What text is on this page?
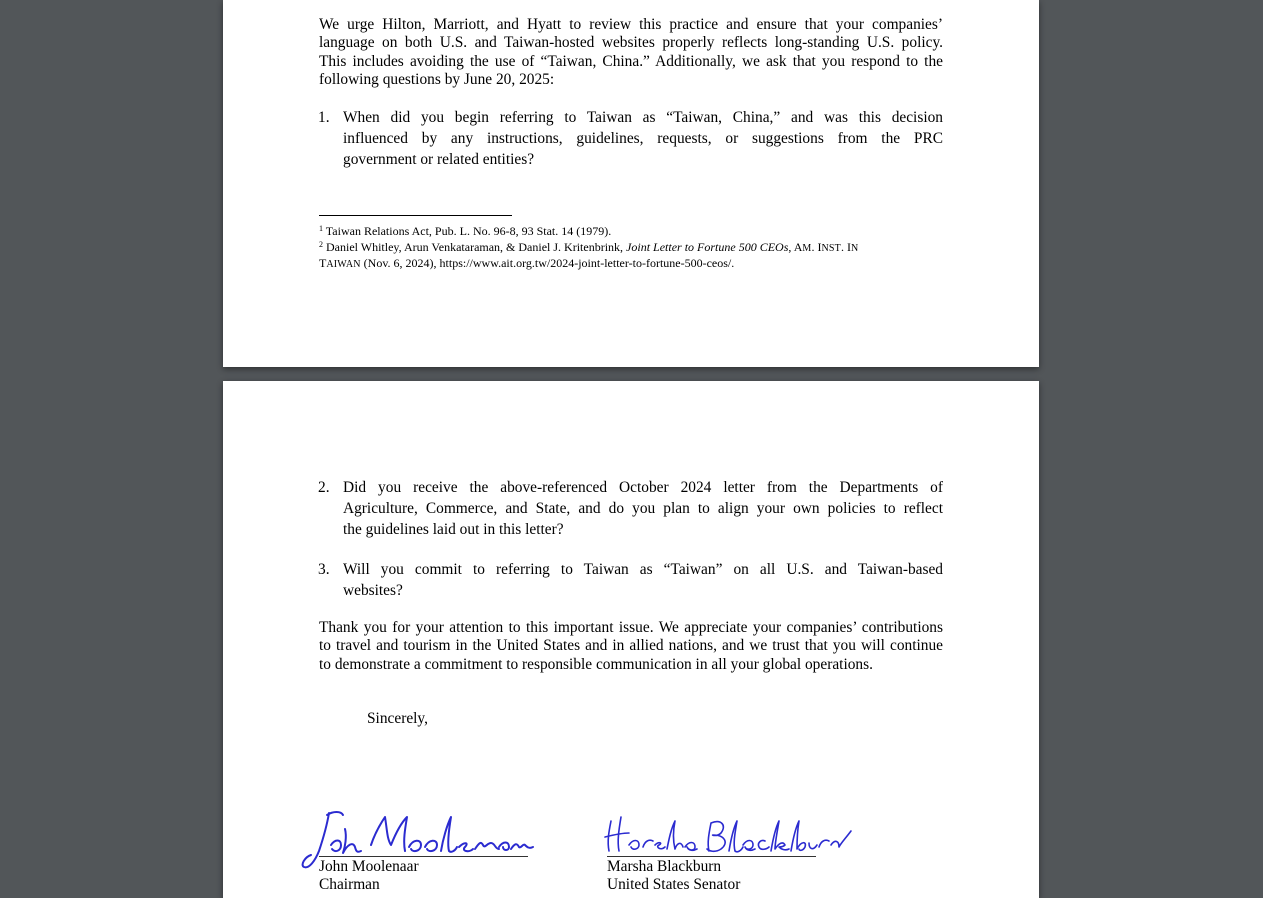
We urge Hilton, Marriott, and Hyatt to review this practice and ensure that your companies’
language on both U.S. and Taiwan-hosted websites properly reflects long-standing U.S. policy.
This includes avoiding the use of “Taiwan, China.” Additionally, we ask that you respond to the
following questions by June 20, 2025:

1. When did you begin referring to Taiwan as “Taiwan, China,” and was this decision
influenced by any instructions, guidelines, requests, or suggestions from the PRC
government or related entities?

$^1$ Taiwan Relations Act, Pub. L. No. 96-8, 93 Stat. 14 (1979).

$^2$ Daniel Whitley, Arun Venkataraman, & Daniel J. Kritenbrink, Joint Letter to Fortune 500 CEOs, AM. INST. IN

TAIWAN (Nov. 6, 2024), https://www.ait.org.tw/2024-joint-letter-to-fortune-500-ceos/.

2. Did you receive the above-referenced October 2024 letter from the Departments of
Agriculture, Commerce, and State, and do you plan to align your own policies to reflect
the guidelines laid out in this letter?
3. Will you commit to referring to Taiwan as “Taiwan” on all U.S. and Taiwan-based
websites?

Thank you for your attention to this important issue. We appreciate your companies’ contributions
to travel and tourism in the United States and in allied nations, and we trust that you will continue
to demonstrate a commitment to responsible communication in all your global operations.

Sincerely,

John Moolenaar
Chairman
Marsha Blackburn
United States Senator
